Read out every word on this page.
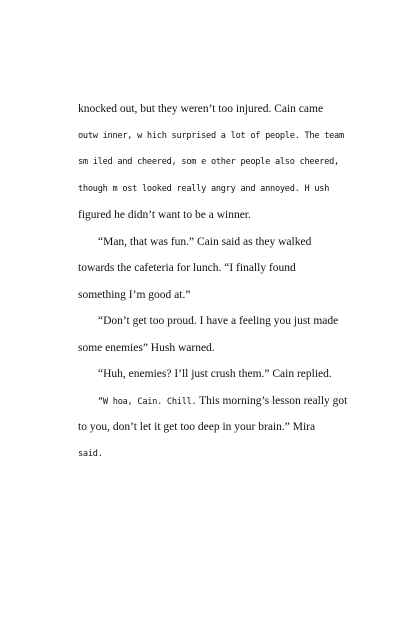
knocked out, but they weren’t too injured. Cain came
outw inner, w hich surprised a lot of people. The team
sm iled and cheered, som e other people also cheered,
though m ost looked really angry and annoyed. H ush
figured he didn’t want to be a winner.
“Man, that was fun.” Cain said as they walked
towards the cafeteria for lunch. “I finally found
something I’m good at.”
“Don’t get too proud. I have a feeling you just made
some enemies” Hush warned.
“Huh, enemies? I’ll just crush them.” Cain replied.
“W hoa, Cain. Chill. This morning’s lesson really got
to you, don’t let it get too deep in your brain.” Mira
said.
